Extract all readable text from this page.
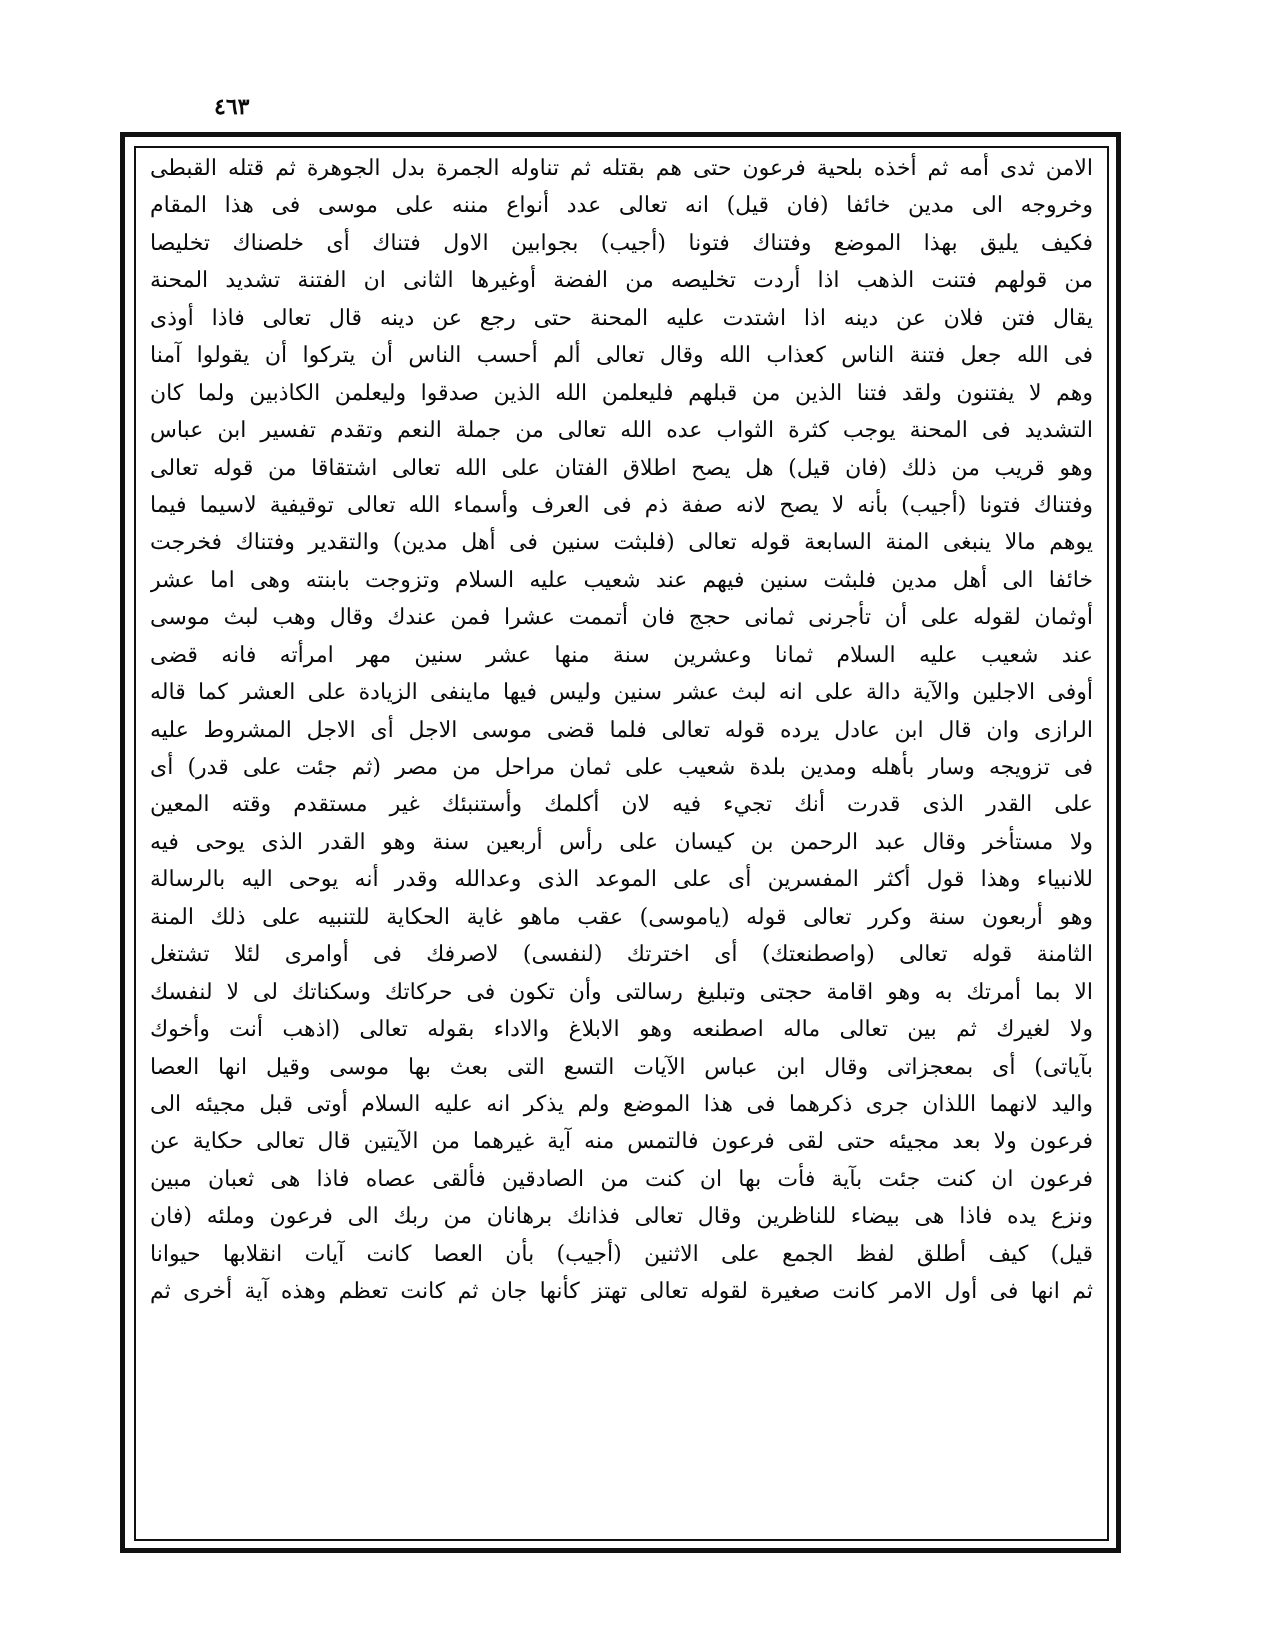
٤٦٣
الامن ثدى أمه ثم أخذه بلحية فرعون حتى هم بقتله ثم تناوله الجمرة بدل الجوهرة ثم قتله القبطى
وخروجه الى مدين خائفا (فان قيل) انه تعالى عدد أنواع مننه على موسى فى هذا المقام
فكيف يليق بهذا الموضع وفتناك فتونا (أجيب) بجوابين الاول فتناك أى خلصناك تخليصا
من قولهم فتنت الذهب اذا أردت تخليصه من الفضة أوغيرها الثانى ان الفتنة تشديد المحنة
يقال فتن فلان عن دينه اذا اشتدت عليه المحنة حتى رجع عن دينه قال تعالى فاذا أوذى
فى الله جعل فتنة الناس كعذاب الله وقال تعالى ألم أحسب الناس أن يتركوا أن يقولوا آمنا
وهم لا يفتنون ولقد فتنا الذين من قبلهم فليعلمن الله الذين صدقوا وليعلمن الكاذبين ولما كان
التشديد فى المحنة يوجب كثرة الثواب عده الله تعالى من جملة النعم وتقدم تفسير ابن عباس
وهو قريب من ذلك (فان قيل) هل يصح اطلاق الفتان على الله تعالى اشتقاقا من قوله تعالى
وفتناك فتونا (أجيب) بأنه لا يصح لانه صفة ذم فى العرف وأسماء الله تعالى توقيفية لاسيما فيما
يوهم مالا ينبغى المنة السابعة قوله تعالى (فلبثت سنين فى أهل مدين) والتقدير وفتناك فخرجت
خائفا الى أهل مدين فلبثت سنين فيهم عند شعيب عليه السلام وتزوجت بابنته وهى اما عشر
أوثمان لقوله على أن تأجرنى ثمانى حجج فان أتممت عشرا فمن عندك وقال وهب لبث موسى
عند شعيب عليه السلام ثمانا وعشرين سنة منها عشر سنين مهر امرأته فانه قضى
أوفى الاجلين والآية دالة على انه لبث عشر سنين وليس فيها ماينفى الزيادة على العشر كما قاله
الرازى وان قال ابن عادل يرده قوله تعالى فلما قضى موسى الاجل أى الاجل المشروط عليه
فى تزويجه وسار بأهله ومدين بلدة شعيب على ثمان مراحل من مصر (ثم جئت على قدر) أى
على القدر الذى قدرت أنك تجيء فيه لان أكلمك وأستنبئك غير مستقدم وقته المعين
ولا مستأخر وقال عبد الرحمن بن كيسان على رأس أربعين سنة وهو القدر الذى يوحى فيه
للانبياء وهذا قول أكثر المفسرين أى على الموعد الذى وعدالله وقدر أنه يوحى اليه بالرسالة
وهو أربعون سنة وكرر تعالى قوله (ياموسى) عقب ماهو غاية الحكاية للتنبيه على ذلك المنة
الثامنة قوله تعالى (واصطنعتك) أى اخترتك (لنفسى) لاصرفك فى أوامرى لئلا تشتغل
الا بما أمرتك به وهو اقامة حجتى وتبليغ رسالتى وأن تكون فى حركاتك وسكناتك لى لا لنفسك
ولا لغيرك ثم بين تعالى ماله اصطنعه وهو الابلاغ والاداء بقوله تعالى (اذهب أنت وأخوك
بآياتى) أى بمعجزاتى وقال ابن عباس الآيات التسع التى بعث بها موسى وقيل انها العصا
واليد لانهما اللذان جرى ذكرهما فى هذا الموضع ولم يذكر انه عليه السلام أوتى قبل مجيئه الى
فرعون ولا بعد مجيئه حتى لقى فرعون فالتمس منه آية غيرهما من الآيتين قال تعالى حكاية عن
فرعون ان كنت جئت بآية فأت بها ان كنت من الصادقين فألقى عصاه فاذا هى ثعبان مبين
ونزع يده فاذا هى بيضاء للناظرين وقال تعالى فذانك برهانان من ربك الى فرعون وملئه (فان
قيل) كيف أطلق لفظ الجمع على الاثنين (أجيب) بأن العصا كانت آيات انقلابها حيوانا
ثم انها فى أول الامر كانت صغيرة لقوله تعالى تهتز كأنها جان ثم كانت تعظم وهذه آية أخرى ثم
